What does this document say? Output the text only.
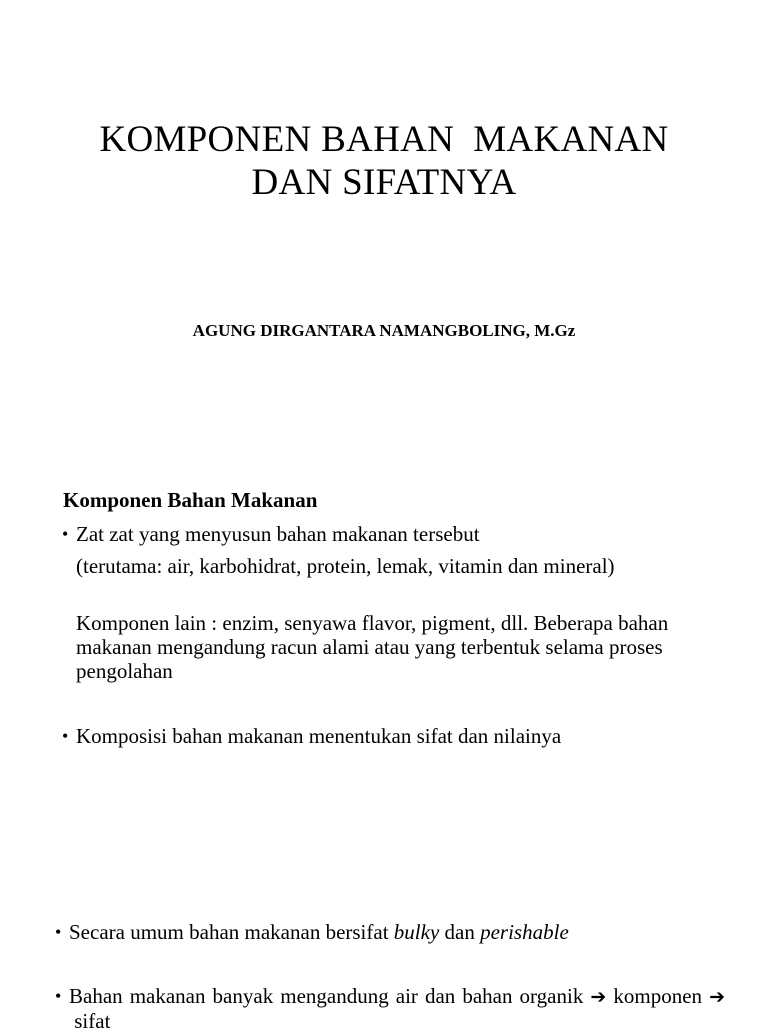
KOMPONEN BAHAN  MAKANAN
DAN SIFATNYA
AGUNG DIRGANTARA NAMANGBOLING, M.Gz
Komponen Bahan Makanan
• Zat zat yang menyusun bahan makanan tersebut
(terutama: air, karbohidrat, protein, lemak, vitamin dan mineral)
Komponen lain : enzim, senyawa flavor, pigment, dll. Beberapa bahan makanan mengandung racun alami atau yang terbentuk selama proses pengolahan
• Komposisi bahan makanan menentukan sifat dan nilainya
• Secara umum bahan makanan bersifat bulky dan perishable
• Bahan makanan banyak mengandung air dan bahan organik ➔ komponen ➔ sifat
